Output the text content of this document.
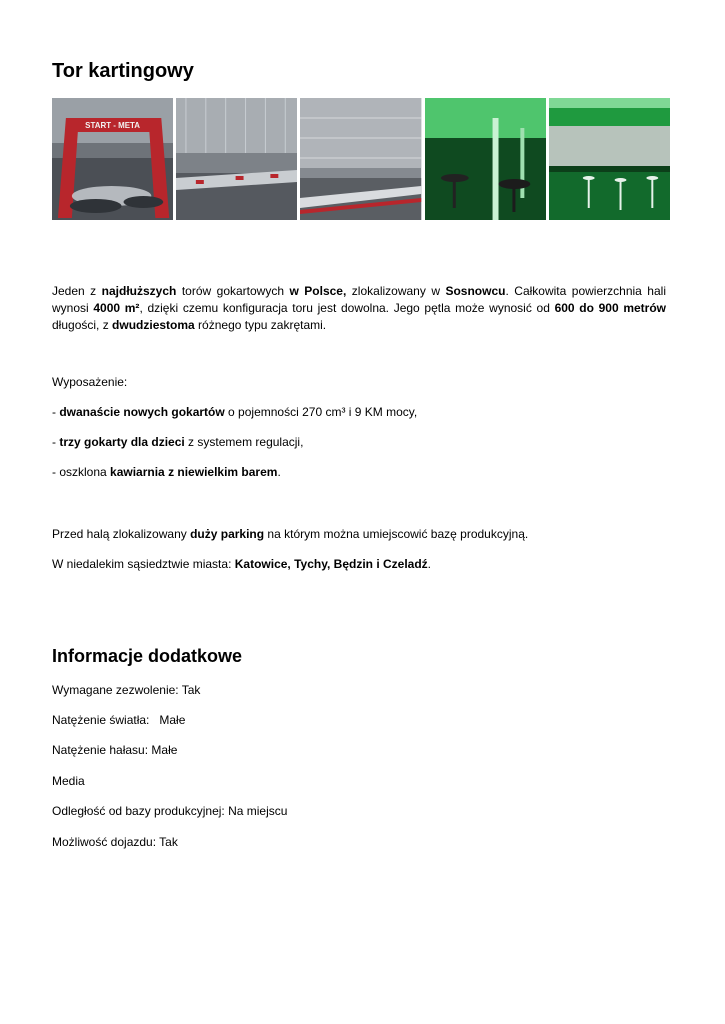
Tor kartingowy
START - META

Jeden z najdłuższych torów gokartowych w Polsce, zlokalizowany w Sosnowcu. Całkowita powierzchnia hali wynosi 4000 m², dzięki czemu konfiguracja toru jest dowolna. Jego pętla może wynosić od 600 do 900 metrów długości, z dwudziestoma różnego typu zakrętami.

Wyposażenie:

- dwanaście nowych gokartów o pojemności 270 cm³ i 9 KM mocy,

- trzy gokarty dla dzieci z systemem regulacji,

- oszklona kawiarnia z niewielkim barem.

Przed halą zlokalizowany duży parking na którym można umiejscowić bazę produkcyjną.

W niedalekim sąsiedztwie miasta: Katowice, Tychy, Będzin i Czeladź.

Informacje dodatkowe

Wymagane zezwolenie: Tak

Natężenie światła:   Małe

Natężenie hałasu: Małe

Media

Odległość od bazy produkcyjnej: Na miejscu

Możliwość dojazdu: Tak
